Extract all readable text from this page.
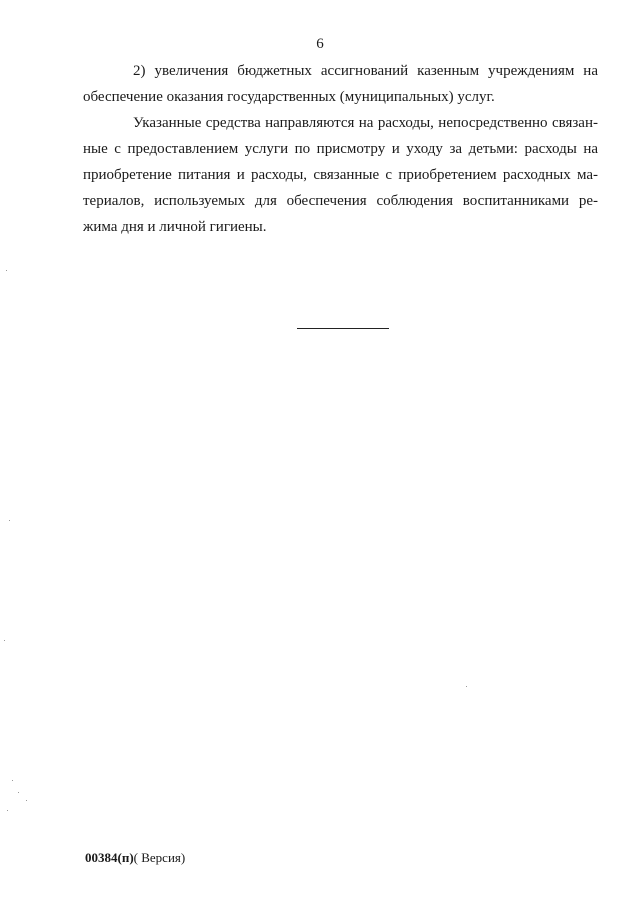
6

2) увеличения бюджетных ассигнований казенным учреждениям на
обеспечение оказания государственных (муниципальных) услуг.

Указанные средства направляются на расходы, непосредственно связан-
ные с предоставлением услуги по присмотру и уходу за детьми: расходы на
приобретение питания и расходы, связанные с приобретением расходных ма-
териалов, используемых для обеспечения соблюдения воспитанниками ре-
жима дня и личной гигиены.

00384(п)( Версия)
